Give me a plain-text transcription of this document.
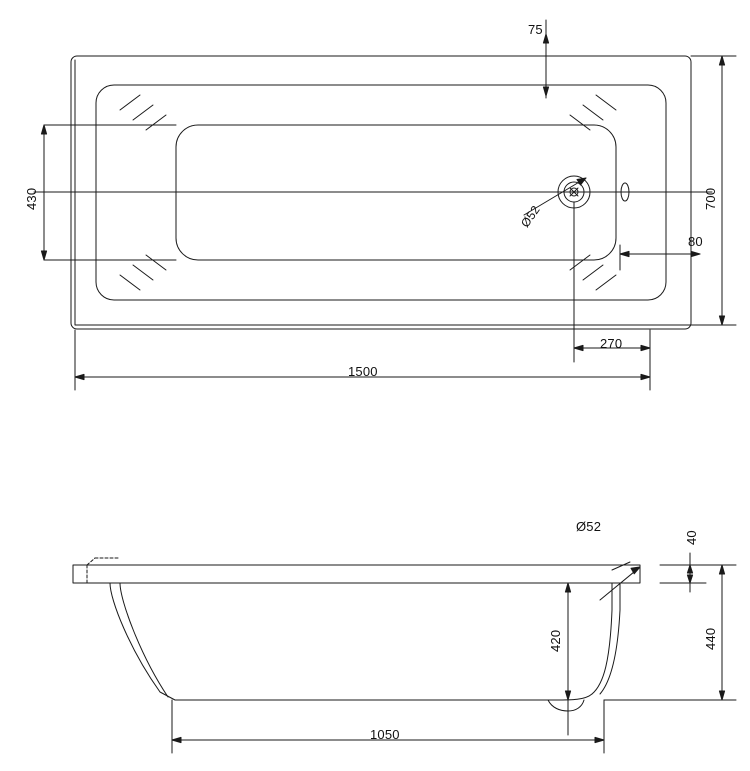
75
430	700
80
270
1500
Ø52
Ø52
40
420	440
1050
